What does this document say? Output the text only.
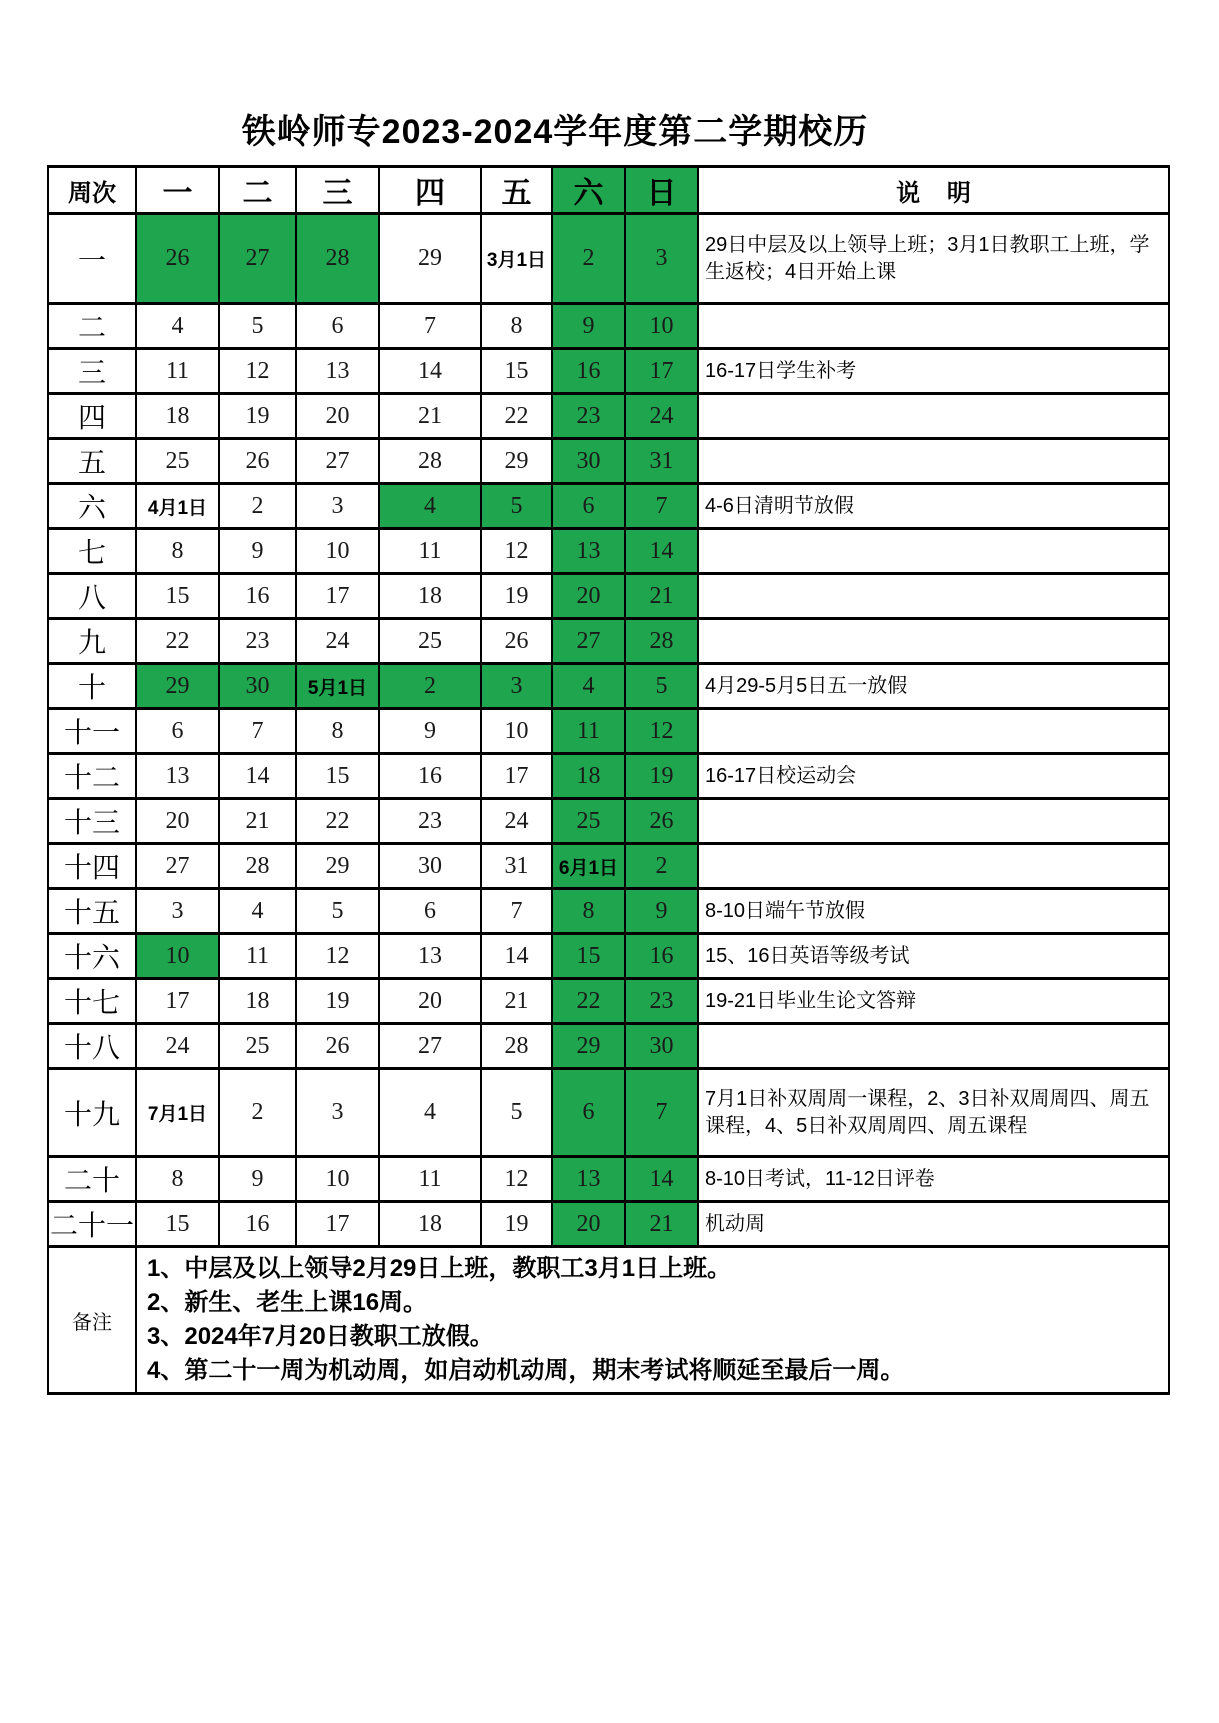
铁岭师专2023-2024学年度第二学期校历
周次	一	二	三	四	五	六	日	说    明
一	26	27	28	29	3月1日	2	3	29日中层及以上领导上班；3月1日教职工上班，学生返校；4日开始上课
二	4	5	6	7	8	9	10	
三	11	12	13	14	15	16	17	16-17日学生补考
四	18	19	20	21	22	23	24	
五	25	26	27	28	29	30	31	
六	4月1日	2	3	4	5	6	7	4-6日清明节放假
七	8	9	10	11	12	13	14	
八	15	16	17	18	19	20	21	
九	22	23	24	25	26	27	28	
十	29	30	5月1日	2	3	4	5	4月29-5月5日五一放假
十一	6	7	8	9	10	11	12	
十二	13	14	15	16	17	18	19	16-17日校运动会
十三	20	21	22	23	24	25	26	
十四	27	28	29	30	31	6月1日	2	
十五	3	4	5	6	7	8	9	8-10日端午节放假
十六	10	11	12	13	14	15	16	15、16日英语等级考试
十七	17	18	19	20	21	22	23	19-21日毕业生论文答辩
十八	24	25	26	27	28	29	30	
十九	7月1日	2	3	4	5	6	7	7月1日补双周周一课程，2、3日补双周周四、周五课程，4、5日补双周周四、周五课程
二十	8	9	10	11	12	13	14	8-10日考试，11-12日评卷
二十一	15	16	17	18	19	20	21	机动周
备注	1、中层及以上领导2月29日上班，教职工3月1日上班。
2、新生、老生上课16周。
3、2024年7月20日教职工放假。
4、第二十一周为机动周，如启动机动周，期末考试将顺延至最后一周。							
